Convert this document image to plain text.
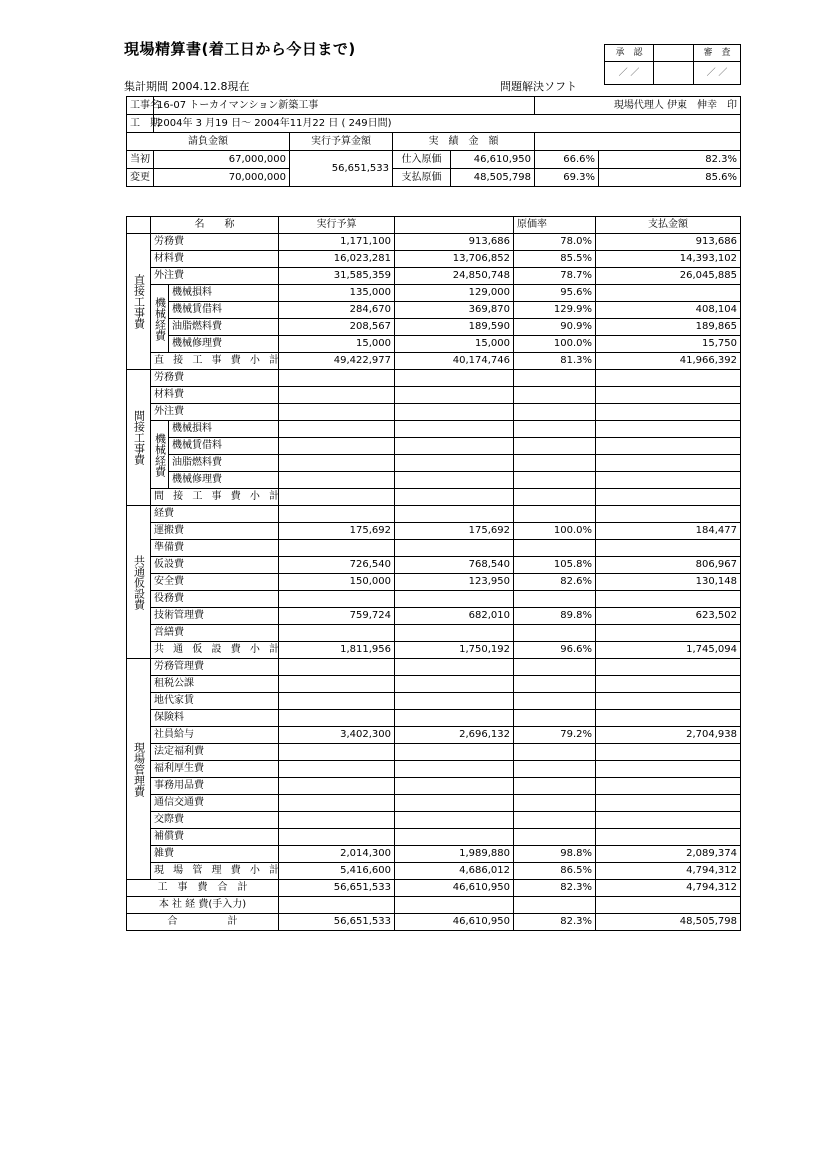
現場精算書(着工日から今日まで)
集計期間 2004.12.8現在	問題解決ソフト
承　認		審　査
／ ／		／ ／
工事名	16-07 トーカイマンション新築工事				現場代理人 伊東　伸幸　印	
工　期	2004年 3 月19 日～ 2004年11月22 日 ( 249日間)					
請負金額		実行予算金額	実　績　金　額			
当初	67,000,000	56,651,533	仕入原価	46,610,950	66.6%	82.3%
変更	70,000,000		支払原価	48,505,798	69.3%	85.6%
	名　　称		実行予算		原価率	支払金額
直接工事費	労務費		1,171,100	913,686	78.0%	913,686
	材料費		16,023,281	13,706,852	85.5%	14,393,102
	外注費		31,585,359	24,850,748	78.7%	26,045,885
	機械経費	機械損料	135,000	129,000	95.6%	
		機械賃借料	284,670	369,870	129.9%	408,104
		油脂燃料費	208,567	189,590	90.9%	189,865
		機械修理費	15,000	15,000	100.0%	15,750
	直 接 工 事 費 小 計		49,422,977	40,174,746	81.3%	41,966,392
間接工事費	労務費					
	材料費					
	外注費					
	機械経費	機械損料				
		機械賃借料				
		油脂燃料費				
		機械修理費				
	間 接 工 事 費 小 計					
共通仮設費	経費					
	運搬費		175,692	175,692	100.0%	184,477
	準備費					
	仮設費		726,540	768,540	105.8%	806,967
	安全費		150,000	123,950	82.6%	130,148
	役務費					
	技術管理費		759,724	682,010	89.8%	623,502
	営繕費					
	共 通 仮 設 費 小 計		1,811,956	1,750,192	96.6%	1,745,094
現場管理費	労務管理費					
	租税公課					
	地代家賃					
	保険料					
	社員給与		3,402,300	2,696,132	79.2%	2,704,938
	法定福利費					
	福利厚生費					
	事務用品費					
	通信交通費					
	交際費					
	補償費					
	雑費		2,014,300	1,989,880	98.8%	2,089,374
	現 場 管 理 費 小 計		5,416,600	4,686,012	86.5%	4,794,312
工　事　費　合　計			56,651,533	46,610,950	82.3%	4,794,312
本 社 経 費(手入力)						
合　　　　　計			56,651,533	46,610,950	82.3%	48,505,798
